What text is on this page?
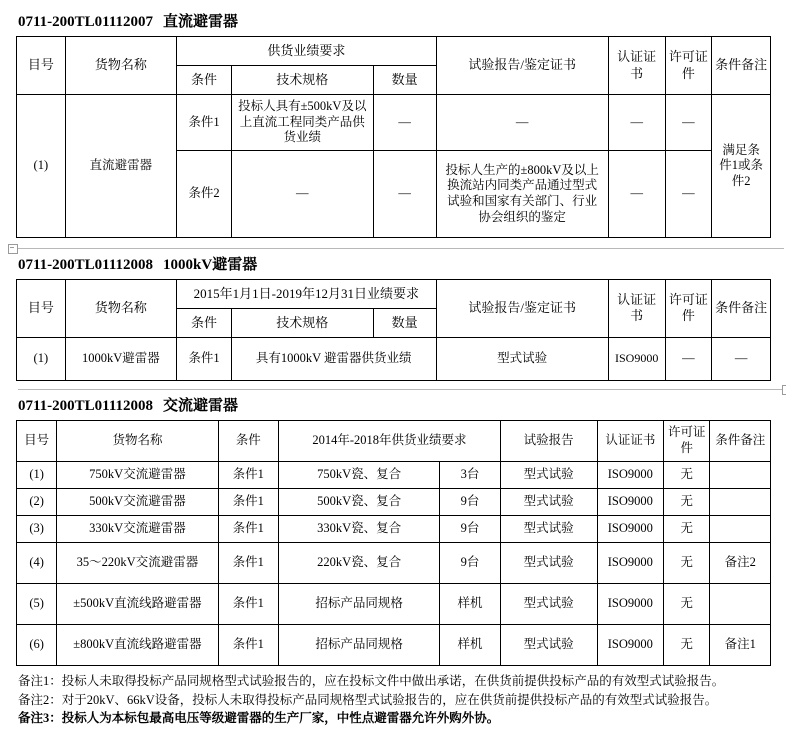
0711-200TL01112007 直流避雷器
目号	货物名称	供货业绩要求			试验报告/鉴定证书	认证证书	许可证件	条件备注
		条件	技术规格	数量				
(1)	直流避雷器	条件1	投标人具有±500kV及以上直流工程同类产品供货业绩	—	—	—	—	满足条件1或条件2
		条件2	—	—	投标人生产的±800kV及以上换流站内同类产品通过型式试验和国家有关部门、行业协会组织的鉴定	—	—	
0711-200TL01112008 1000kV避雷器
目号	货物名称	2015年1月1日-2019年12月31日业绩要求			试验报告/鉴定证书	认证证书	许可证件	条件备注
		条件	技术规格	数量				
(1)	1000kV避雷器	条件1	具有1000kV 避雷器供货业绩		型式试验	ISO9000	—	—
0711-200TL01112008 交流避雷器
目号	货物名称	条件	2014年-2018年供货业绩要求		试验报告	认证证书	许可证件	条件备注
(1)	750kV交流避雷器	条件1	750kV瓷、复合	3台	型式试验	ISO9000	无	
(2)	500kV交流避雷器	条件1	500kV瓷、复合	9台	型式试验	ISO9000	无	
(3)	330kV交流避雷器	条件1	330kV瓷、复合	9台	型式试验	ISO9000	无	
(4)	35～220kV交流避雷器	条件1	220kV瓷、复合	9台	型式试验	ISO9000	无	备注2
(5)	±500kV直流线路避雷器	条件1	招标产品同规格	样机	型式试验	ISO9000	无	
(6)	±800kV直流线路避雷器	条件1	招标产品同规格	样机	型式试验	ISO9000	无	备注1
备注1：投标人未取得投标产品同规格型式试验报告的，应在投标文件中做出承诺，在供货前提供投标产品的有效型式试验报告。
备注2：对于20kV、66kV设备，投标人未取得投标产品同规格型式试验报告的，应在供货前提供投标产品的有效型式试验报告。
备注3：投标人为本标包最高电压等级避雷器的生产厂家，中性点避雷器允许外购外协。
